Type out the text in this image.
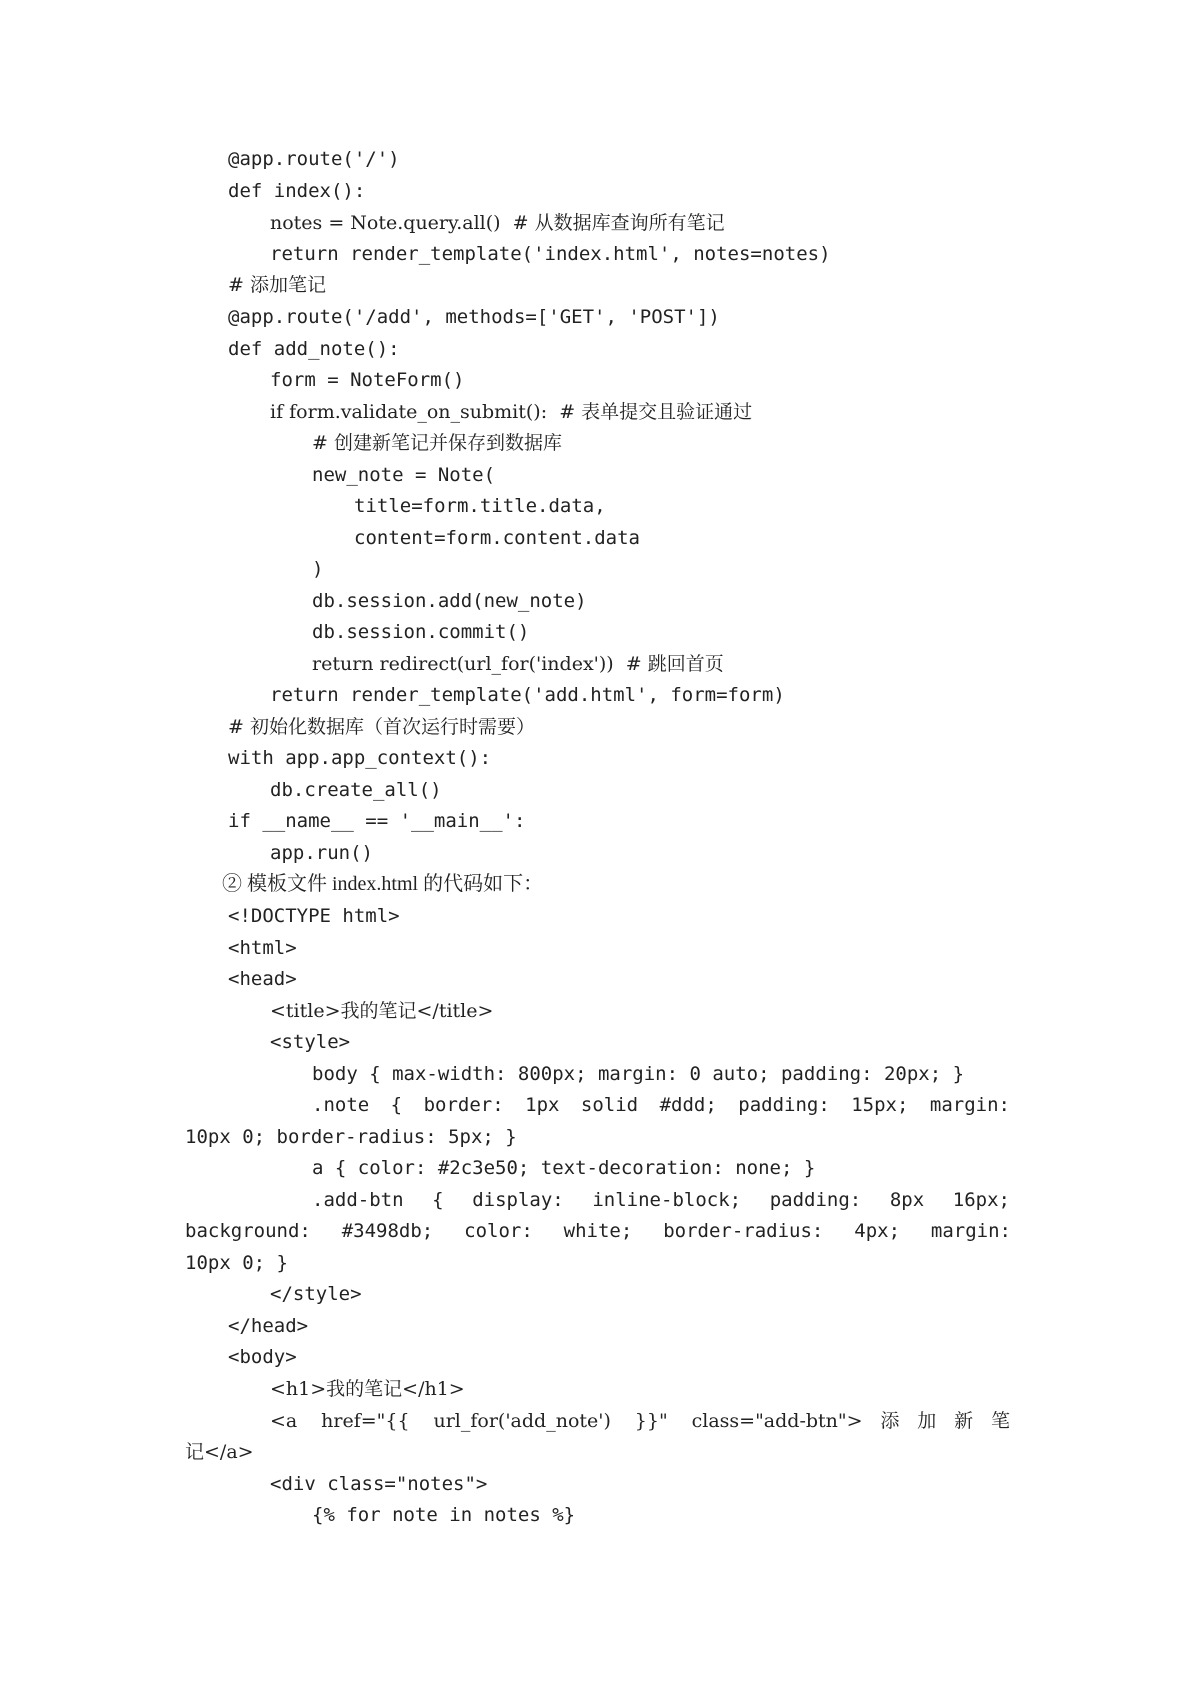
@app.route('/')
def index():
notes = Note.query.all()  # 从数据库查询所有笔记
return render_template('index.html', notes=notes)
# 添加笔记
@app.route('/add', methods=['GET', 'POST'])
def add_note():
form = NoteForm()
if form.validate_on_submit():  # 表单提交且验证通过
# 创建新笔记并保存到数据库
new_note = Note(
title=form.title.data,
content=form.content.data
)
db.session.add(new_note)
db.session.commit()
return redirect(url_for('index'))  # 跳回首页
return render_template('add.html', form=form)
# 初始化数据库（首次运行时需要）
with app.app_context():
db.create_all()
if __name__ == '__main__':
app.run()
② 模板文件 index.html 的代码如下：
<!DOCTYPE html>
<html>
<head>
<title>我的笔记</title>
<style>
body { max-width: 800px; margin: 0 auto; padding: 20px; }
.note { border: 1px solid #ddd; padding: 15px; margin:
10px 0; border-radius: 5px; }
a { color: #2c3e50; text-decoration: none; }
.add-btn { display: inline-block; padding: 8px 16px;
background: #3498db; color: white; border-radius: 4px; margin:
10px 0; }
</style>
</head>
<body>
<h1>我的笔记</h1>
<a href="{{ url_for('add_note') }}" class="add-btn">添加新笔
记</a>
<div class="notes">
{% for note in notes %}
